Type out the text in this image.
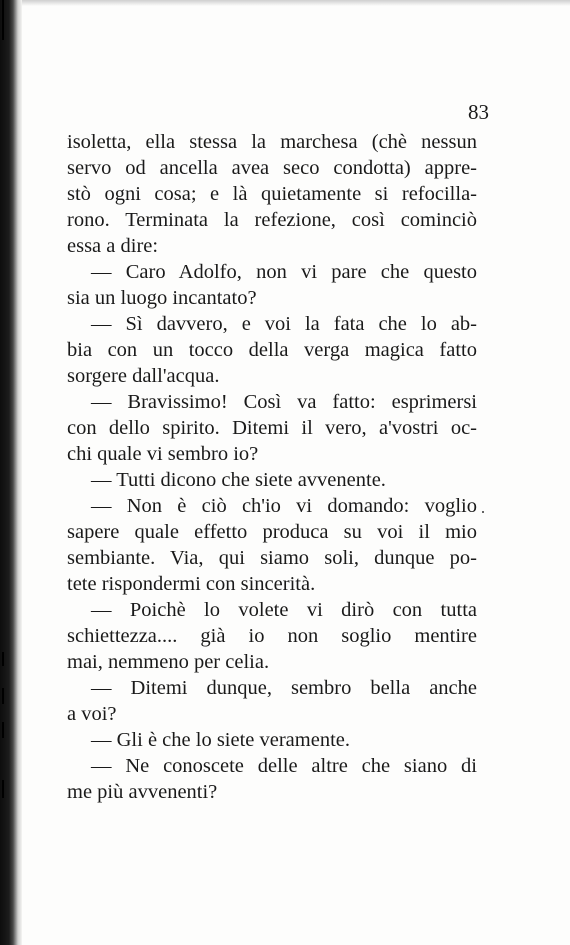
83
isoletta, ella stessa la marchesa (chè nessun
servo od ancella avea seco condotta) appre-
stò ogni cosa; e là quietamente si refocilla-
rono. Terminata la refezione, così cominciò
essa a dire:
— Caro Adolfo, non vi pare che questo
sia un luogo incantato?
— Sì davvero, e voi la fata che lo ab-
bia con un tocco della verga magica fatto
sorgere dall'acqua.
— Bravissimo! Così va fatto: esprimersi
con dello spirito. Ditemi il vero, a'vostri oc-
chi quale vi sembro io?
— Tutti dicono che siete avvenente.
— Non è ciò ch'io vi domando: voglio
sapere quale effetto produca su voi il mio
sembiante. Via, qui siamo soli, dunque po-
tete rispondermi con sincerità.
— Poichè lo volete vi dirò con tutta
schiettezza.... già io non soglio mentire
mai, nemmeno per celia.
— Ditemi dunque, sembro bella anche
a voi?
— Gli è che lo siete veramente.
— Ne conoscete delle altre che siano di
me più avvenenti?
